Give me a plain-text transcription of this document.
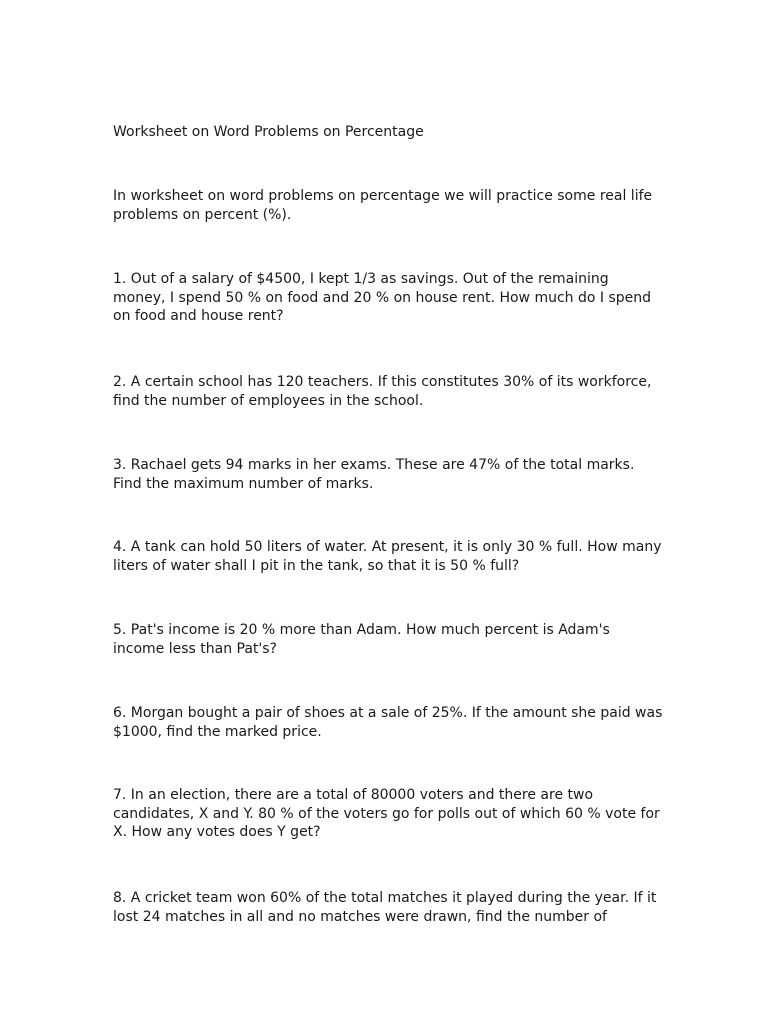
Worksheet on Word Problems on Percentage

In worksheet on word problems on percentage we will practice some real life
problems on percent (%).

1. Out of a salary of $4500, I kept 1/3 as savings. Out of the remaining
money, I spend 50 % on food and 20 % on house rent. How much do I spend
on food and house rent?

2. A certain school has 120 teachers. If this constitutes 30% of its workforce,
find the number of employees in the school.

3. Rachael gets 94 marks in her exams. These are 47% of the total marks.
Find the maximum number of marks.

4. A tank can hold 50 liters of water. At present, it is only 30 % full. How many
liters of water shall I pit in the tank, so that it is 50 % full?

5. Pat's income is 20 % more than Adam. How much percent is Adam's
income less than Pat's?

6. Morgan bought a pair of shoes at a sale of 25%. If the amount she paid was
$1000, find the marked price.

7. In an election, there are a total of 80000 voters and there are two
candidates, X and Y. 80 % of the voters go for polls out of which 60 % vote for
X. How any votes does Y get?

8. A cricket team won 60% of the total matches it played during the year. If it
lost 24 matches in all and no matches were drawn, find the number of
